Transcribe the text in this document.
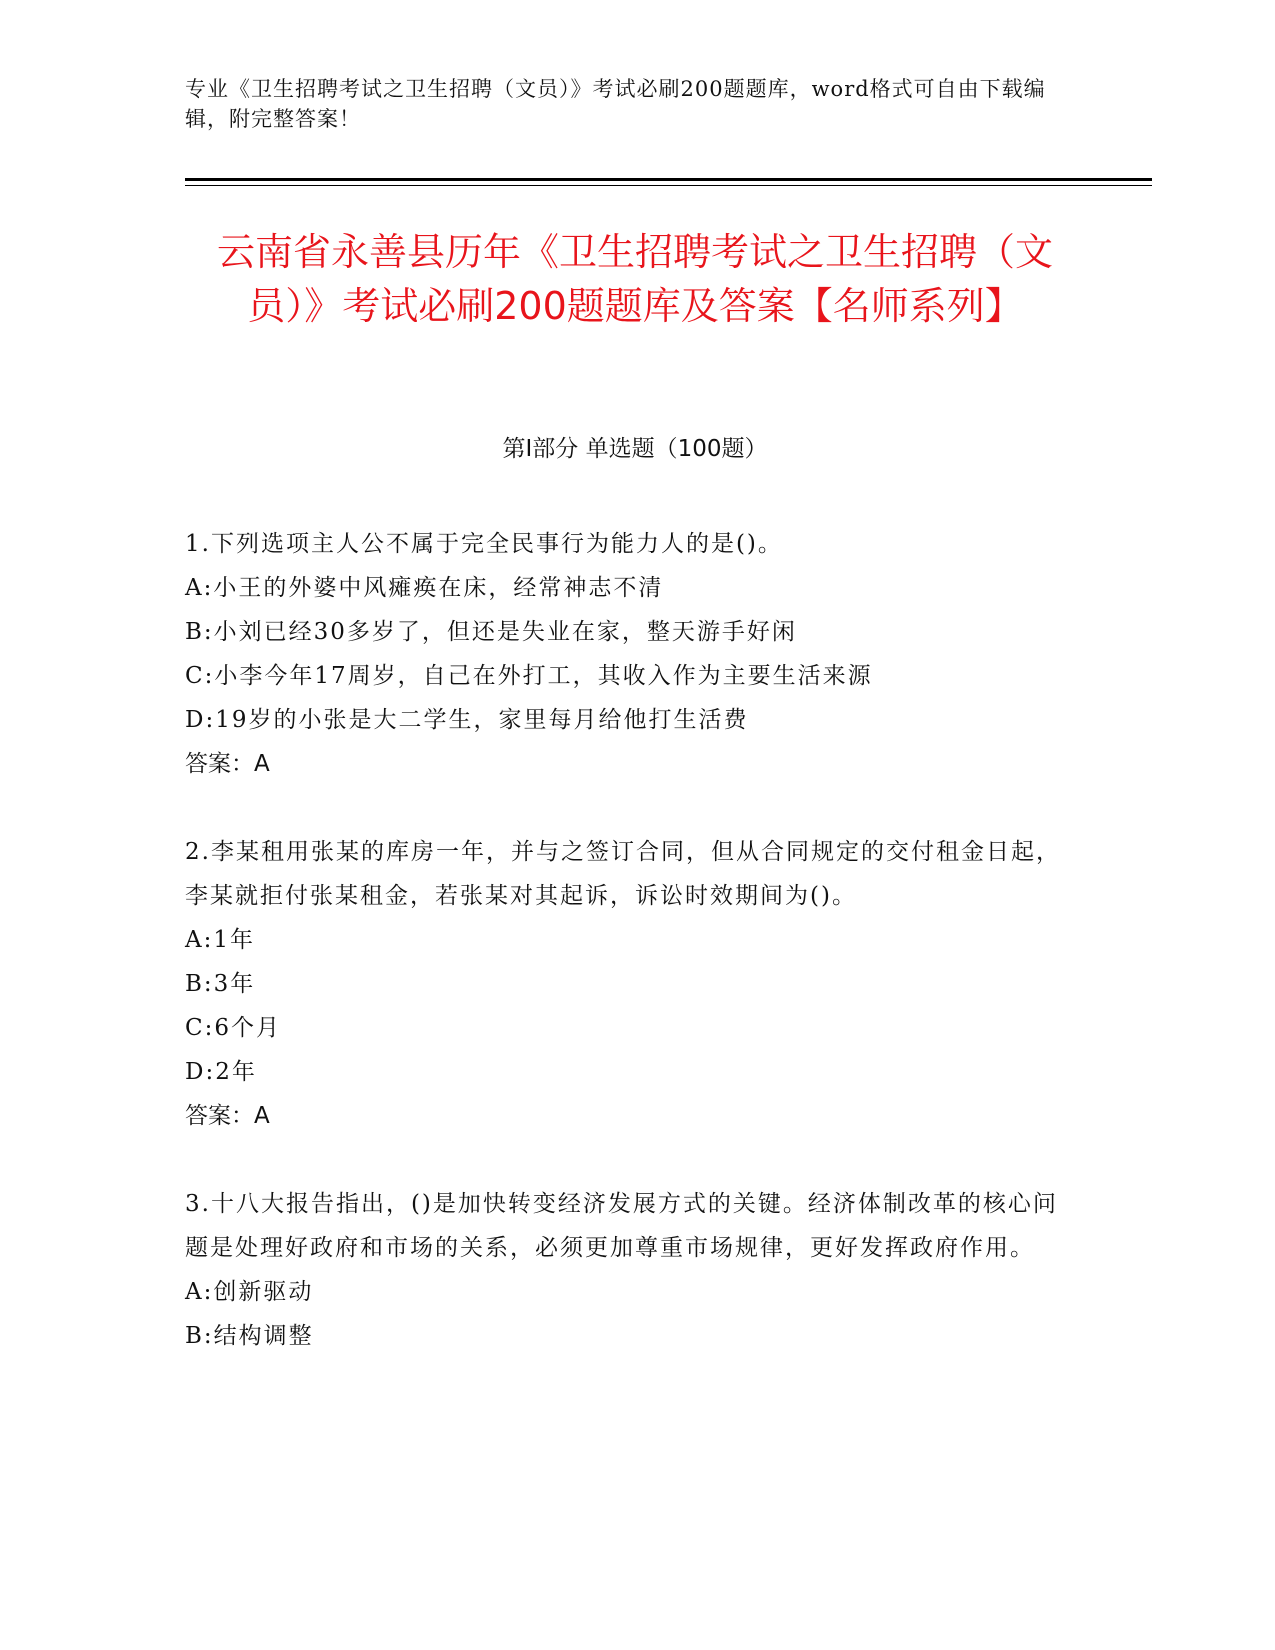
专业《卫生招聘考试之卫生招聘（文员）》考试必刷200题题库，word格式可自由下载编辑，附完整答案！
云南省永善县历年《卫生招聘考试之卫生招聘（文员）》考试必刷200题题库及答案【名师系列】
第I部分 单选题（100题）
1.下列选项主人公不属于完全民事行为能力人的是()。
A:小王的外婆中风瘫痪在床，经常神志不清
B:小刘已经30多岁了，但还是失业在家，整天游手好闲
C:小李今年17周岁，自己在外打工，其收入作为主要生活来源
D:19岁的小张是大二学生，家里每月给他打生活费
答案：A
2.李某租用张某的库房一年，并与之签订合同，但从合同规定的交付租金日起，李某就拒付张某租金，若张某对其起诉，诉讼时效期间为()。
A:1年
B:3年
C:6个月
D:2年
答案：A
3.十八大报告指出，()是加快转变经济发展方式的关键。经济体制改革的核心问题是处理好政府和市场的关系，必须更加尊重市场规律，更好发挥政府作用。
A:创新驱动
B:结构调整
